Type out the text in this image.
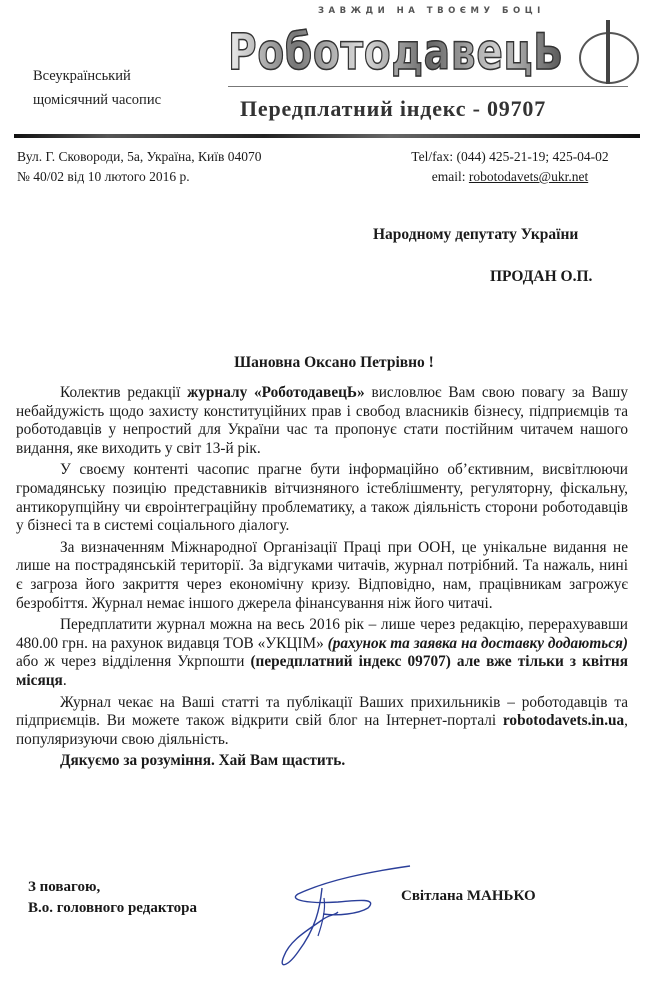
Всеукраїнський
щомісячний часопис
РоботодавецЬ
ЗАВЖДИ НА ТВОЄМУ БОЦІ
Передплатний індекс - 09707
Вул. Г. Сковороди, 5а, Україна, Київ 04070
№ 40/02 від 10 лютого 2016 р.
Tel/fax: (044) 425-21-19; 425-04-02
email: robotodavets@ukr.net
Народному депутату України
ПРОДАН О.П.
Шановна Оксано Петрівно !

Колектив редакції журналу «РоботодавецЬ» висловлює Вам свою повагу за Вашу небайдужість щодо захисту конституційних прав і свобод власників бізнесу, підприємців та роботодавців у непростий для України час та пропонує стати постійним читачем нашого видання, яке виходить у світ 13-й рік.

У своєму контенті часопис прагне бути інформаційно об’єктивним, висвітлюючи громадянську позицію представників вітчизняного істеблішменту, регуляторну, фіскальну, антикорупційну чи євроінтеграційну проблематику, а також діяльність сторони роботодавців у бізнесі та в системі соціального діалогу.

За визначенням Міжнародної Організації Праці при ООН, це унікальне видання не лише на пострадянській території. За відгуками читачів, журнал потрібний. Та нажаль, нині є загроза його закриття через економічну кризу. Відповідно, нам, працівникам загрожує безробіття. Журнал немає іншого джерела фінансування ніж його читачі.

Передплатити журнал можна на весь 2016 рік – лише через редакцію, перерахувавши 480.00 грн. на рахунок видавця ТОВ «УКЦІМ» (рахунок та заявка на доставку додаються) або ж через відділення Укрпошти (передплатний індекс 09707) але вже тільки з квітня місяця.

Журнал чекає на Ваші статті та публікації Ваших прихильників – роботодавців та підприємців. Ви можете також відкрити свій блог на Інтернет-порталі robotodavets.in.ua, популяризуючи свою діяльність.

Дякуємо за розуміння. Хай Вам щастить.

З повагою,
В.о. головного редактора
Світлана МАНЬКО
